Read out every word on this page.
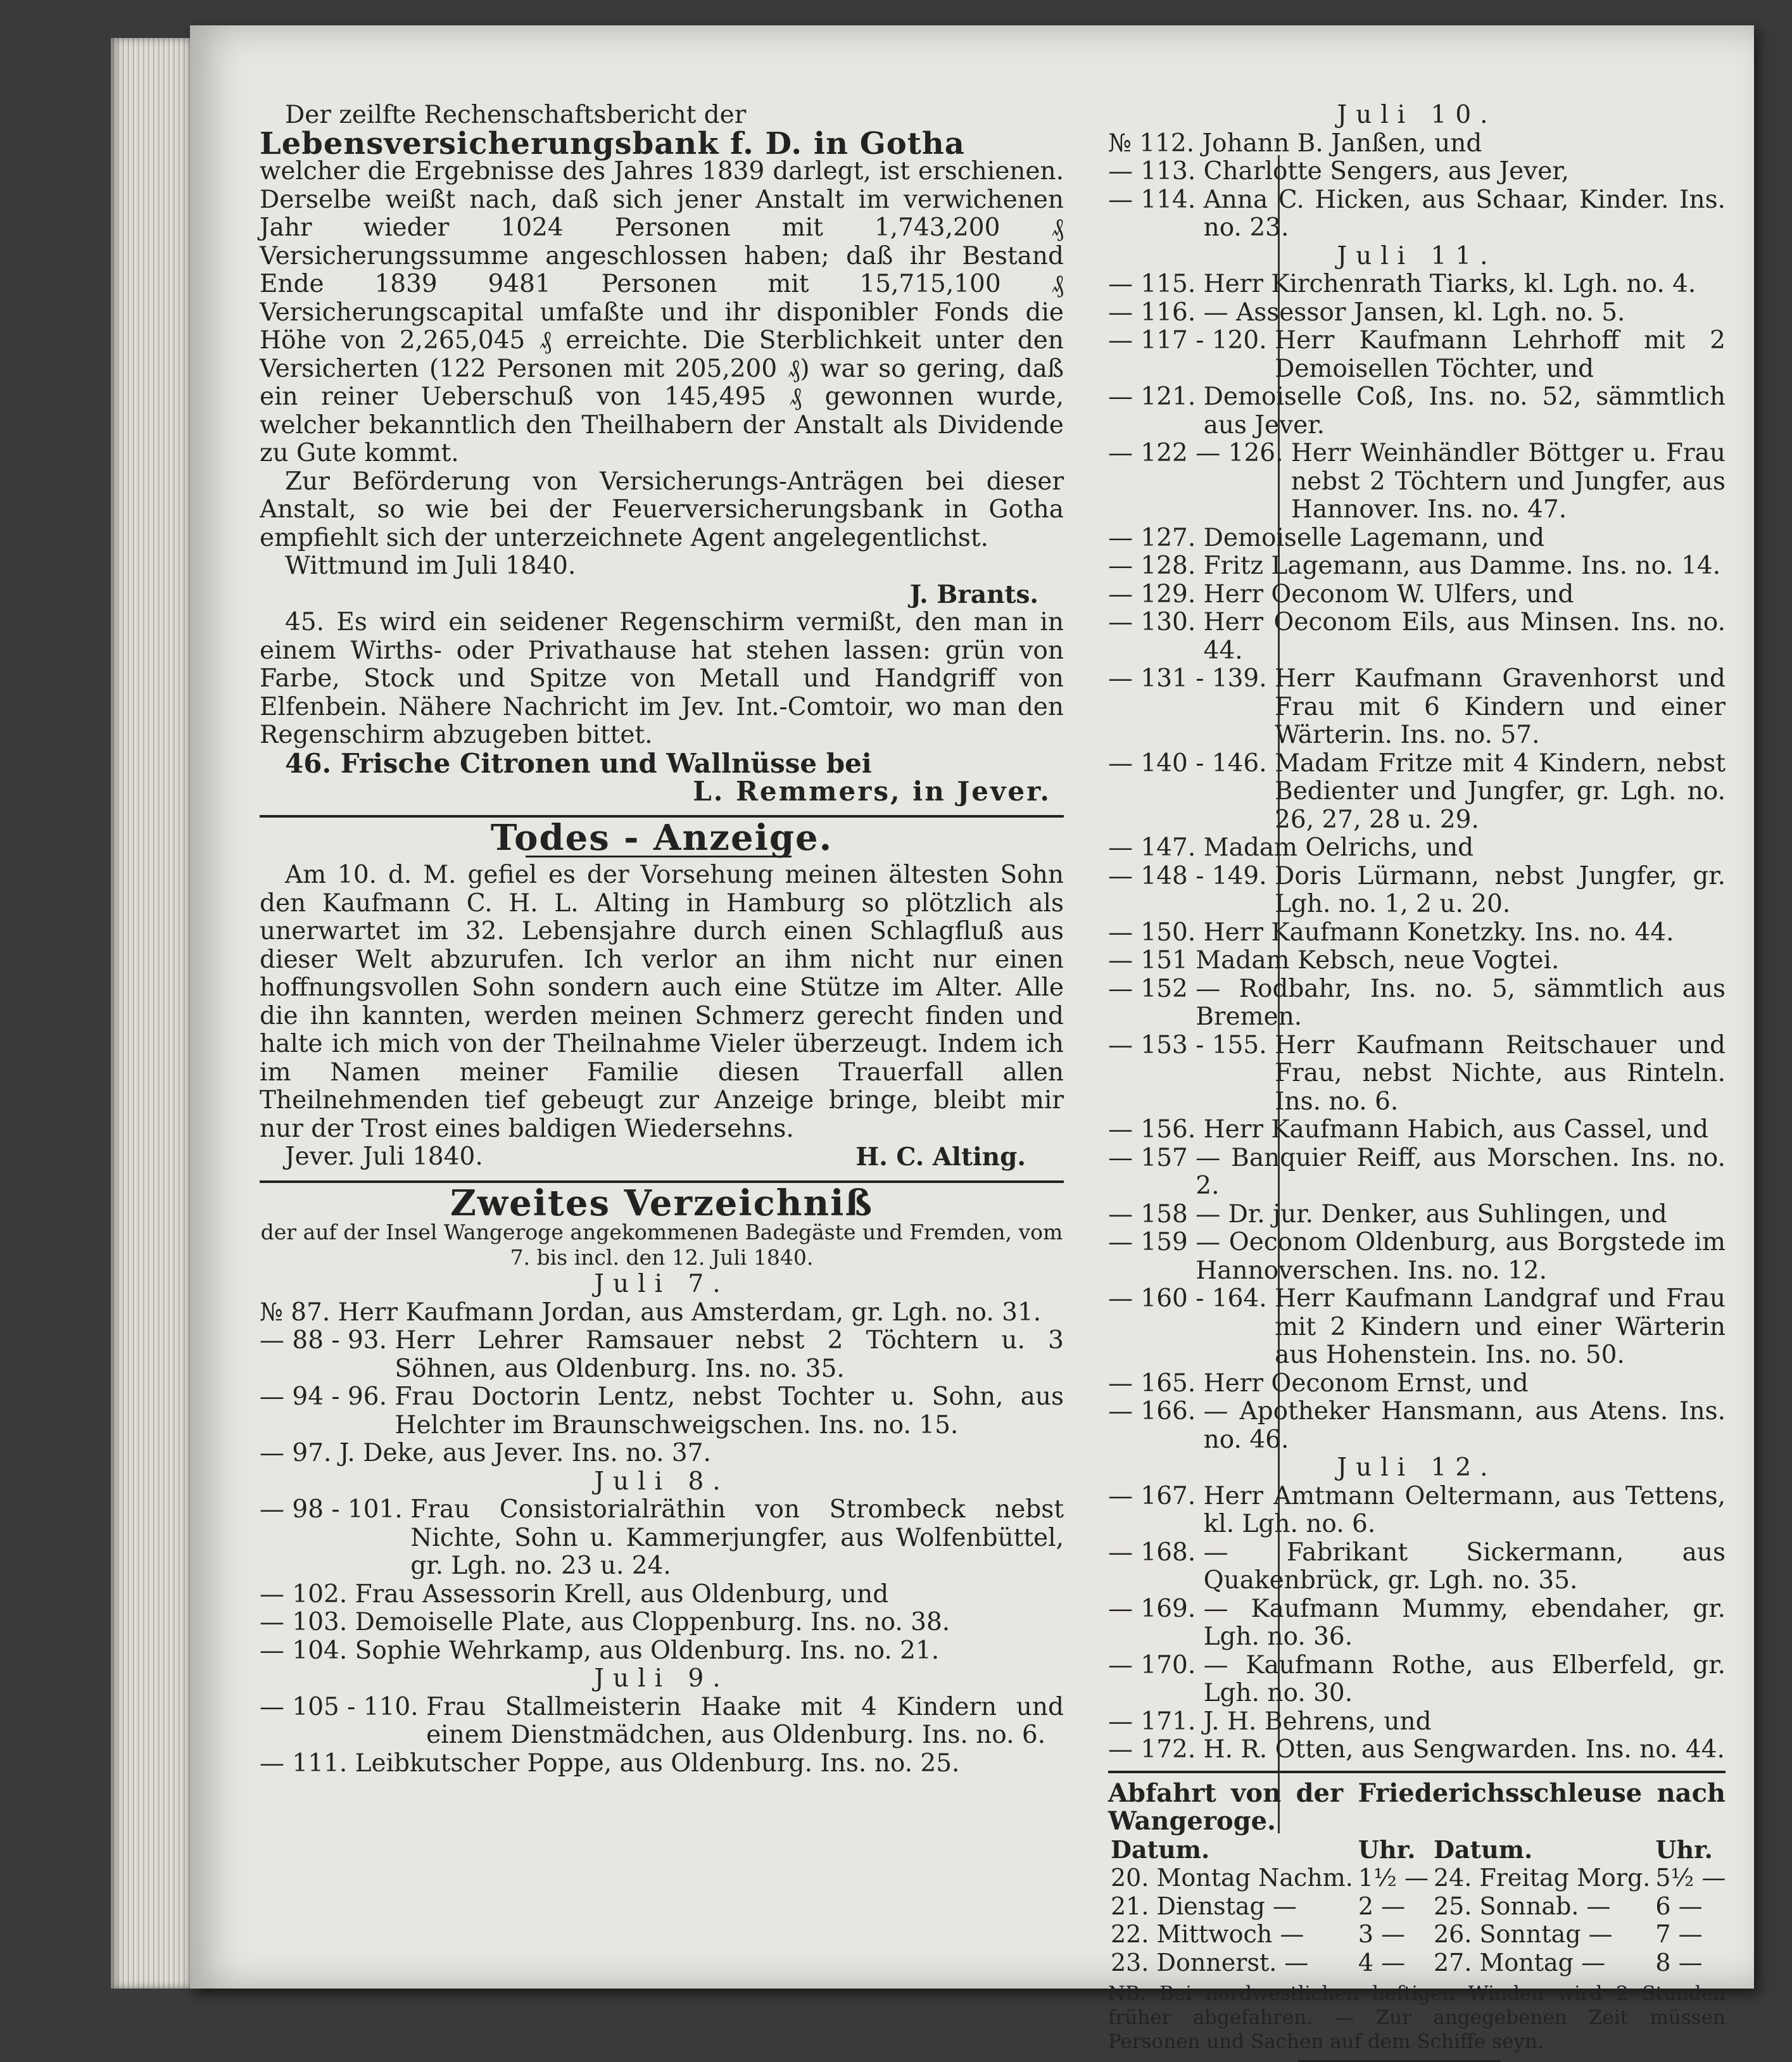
Der zeilfte Rechenschaftsbericht der

Lebensversicherungsbank f. D. in Gotha

welcher die Ergebnisse des Jahres 1839 darlegt, ist erschienen. Derselbe weißt nach, daß sich jener Anstalt im verwichenen Jahr wieder 1024 Personen mit 1,743,200 ₰ Versicherungssumme angeschlossen haben; daß ihr Bestand Ende 1839 9481 Personen mit 15,715,100 ₰ Versicherungscapital umfaßte und ihr disponibler Fonds die Höhe von 2,265,045 ₰ erreichte. Die Sterblichkeit unter den Versicherten (122 Personen mit 205,200 ₰) war so gering, daß ein reiner Ueberschuß von 145,495 ₰ gewonnen wurde, welcher bekanntlich den Theilhabern der Anstalt als Dividende zu Gute kommt.

Zur Beförderung von Versicherungs-Anträgen bei dieser Anstalt, so wie bei der Feuerversicherungsbank in Gotha empfiehlt sich der unterzeichnete Agent angelegentlichst.

Wittmund im Juli 1840.

J. Brants.

45. Es wird ein seidener Regenschirm vermißt, den man in einem Wirths- oder Privathause hat stehen lassen: grün von Farbe, Stock und Spitze von Metall und Handgriff von Elfenbein. Nähere Nachricht im Jev. Int.-Comtoir, wo man den Regenschirm abzugeben bittet.

46. Frische Citronen und Wallnüsse bei

L. Remmers, in Jever.

Todes - Anzeige.

Am 10. d. M. gefiel es der Vorsehung meinen ältesten Sohn den Kaufmann C. H. L. Alting in Hamburg so plötzlich als unerwartet im 32. Lebensjahre durch einen Schlagfluß aus dieser Welt abzurufen. Ich verlor an ihm nicht nur einen hoffnungsvollen Sohn sondern auch eine Stütze im Alter. Alle die ihn kannten, werden meinen Schmerz gerecht finden und halte ich mich von der Theilnahme Vieler überzeugt. Indem ich im Namen meiner Familie diesen Trauerfall allen Theilnehmenden tief gebeugt zur Anzeige bringe, bleibt mir nur der Trost eines baldigen Wiedersehns.

Jever. Juli 1840.	H. C. Alting.
Zweites Verzeichniß

der auf der Insel Wangeroge angekommenen Badegäste und Fremden, vom 7. bis incl. den 12. Juli 1840.

Juli 7.

№ 87.
Herr Kaufmann Jordan, aus Amsterdam, gr. Lgh. no. 31.
— 88 - 93.
Herr Lehrer Ramsauer nebst 2 Töchtern u. 3 Söhnen, aus Oldenburg. Ins. no. 35.
— 94 - 96.
Frau Doctorin Lentz, nebst Tochter u. Sohn, aus Helchter im Braunschweigschen. Ins. no. 15.
— 97.
J. Deke, aus Jever. Ins. no. 37.

Juli 8.

— 98 - 101.
Frau Consistorialräthin von Strombeck nebst Nichte, Sohn u. Kammerjungfer, aus Wolfenbüttel, gr. Lgh. no. 23 u. 24.
— 102.
Frau Assessorin Krell, aus Oldenburg, und
— 103.
Demoiselle Plate, aus Cloppenburg. Ins. no. 38.
— 104.
Sophie Wehrkamp, aus Oldenburg. Ins. no. 21.

Juli 9.

— 105 - 110.
Frau Stallmeisterin Haake mit 4 Kindern und einem Dienstmädchen, aus Oldenburg. Ins. no. 6.
— 111.
Leibkutscher Poppe, aus Oldenburg. Ins. no. 25.

Juli 10.

№ 112.
Johann B. Janßen, und
— 113.
Charlotte Sengers, aus Jever,
— 114.
Anna C. Hicken, aus Schaar, Kinder. Ins. no. 23.

Juli 11.

— 115.
Herr Kirchenrath Tiarks, kl. Lgh. no. 4.
— 116.
— Assessor Jansen, kl. Lgh. no. 5.
— 117 - 120.
Herr Kaufmann Lehrhoff mit 2 Demoisellen Töchter, und
— 121.
Demoiselle Coß, Ins. no. 52, sämmtlich aus Jever.
— 122 — 126.
Herr Weinhändler Böttger u. Frau nebst 2 Töchtern und Jungfer, aus Hannover. Ins. no. 47.
— 127.
Demoiselle Lagemann, und
— 128.
Fritz Lagemann, aus Damme. Ins. no. 14.
— 129.
Herr Oeconom W. Ulfers, und
— 130.
Herr Oeconom Eils, aus Minsen. Ins. no. 44.
— 131 - 139.
Herr Kaufmann Gravenhorst und Frau mit 6 Kindern und einer Wärterin. Ins. no. 57.
— 140 - 146.
Madam Fritze mit 4 Kindern, nebst Bedienter und Jungfer, gr. Lgh. no. 26, 27, 28 u. 29.
— 147.
Madam Oelrichs, und
— 148 - 149.
Doris Lürmann, nebst Jungfer, gr. Lgh. no. 1, 2 u. 20.
— 150.
Herr Kaufmann Konetzky. Ins. no. 44.
— 151
Madam Kebsch, neue Vogtei.
— 152
— Rodbahr, Ins. no. 5, sämmtlich aus Bremen.
— 153 - 155.
Herr Kaufmann Reitschauer und Frau, nebst Nichte, aus Rinteln. Ins. no. 6.
— 156.
Herr Kaufmann Habich, aus Cassel, und
— 157
— Banquier Reiff, aus Morschen. Ins. no. 2.
— 158
— Dr. jur. Denker, aus Suhlingen, und
— 159
— Oeconom Oldenburg, aus Borgstede im Hannoverschen. Ins. no. 12.
— 160 - 164.
Herr Kaufmann Landgraf und Frau mit 2 Kindern und einer Wärterin aus Hohenstein. Ins. no. 50.
— 165.
Herr Oeconom Ernst, und
— 166.
— Apotheker Hansmann, aus Atens. Ins. no. 46.

Juli 12.

— 167.
Herr Amtmann Oeltermann, aus Tettens, kl. Lgh. no. 6.
— 168.
— Fabrikant Sickermann, aus Quakenbrück, gr. Lgh. no. 35.
— 169.
— Kaufmann Mummy, ebendaher, gr. Lgh. no. 36.
— 170.
— Kaufmann Rothe, aus Elberfeld, gr. Lgh. no. 30.
— 171.
J. H. Behrens, und
— 172.
H. R. Otten, aus Sengwarden. Ins. no. 44.

Abfahrt von der Friederichsschleuse nach Wangeroge.

Datum.	Uhr.	Datum.	Uhr.
20. Montag Nachm.	1½ —	24. Freitag Morg.	5½ —
21. Dienstag —	2 —	25. Sonnab. —	6 —
22. Mittwoch —	3 —	26. Sonntag —	7 —
23. Donnerst. —	4 —	27. Montag —	8 —

NB. Bei nordwestlichen heftigen Winden wird 2 Stunden früher abgefahren. — Zur angegebenen Zeit müssen Personen und Sachen auf dem Schiffe seyn.
